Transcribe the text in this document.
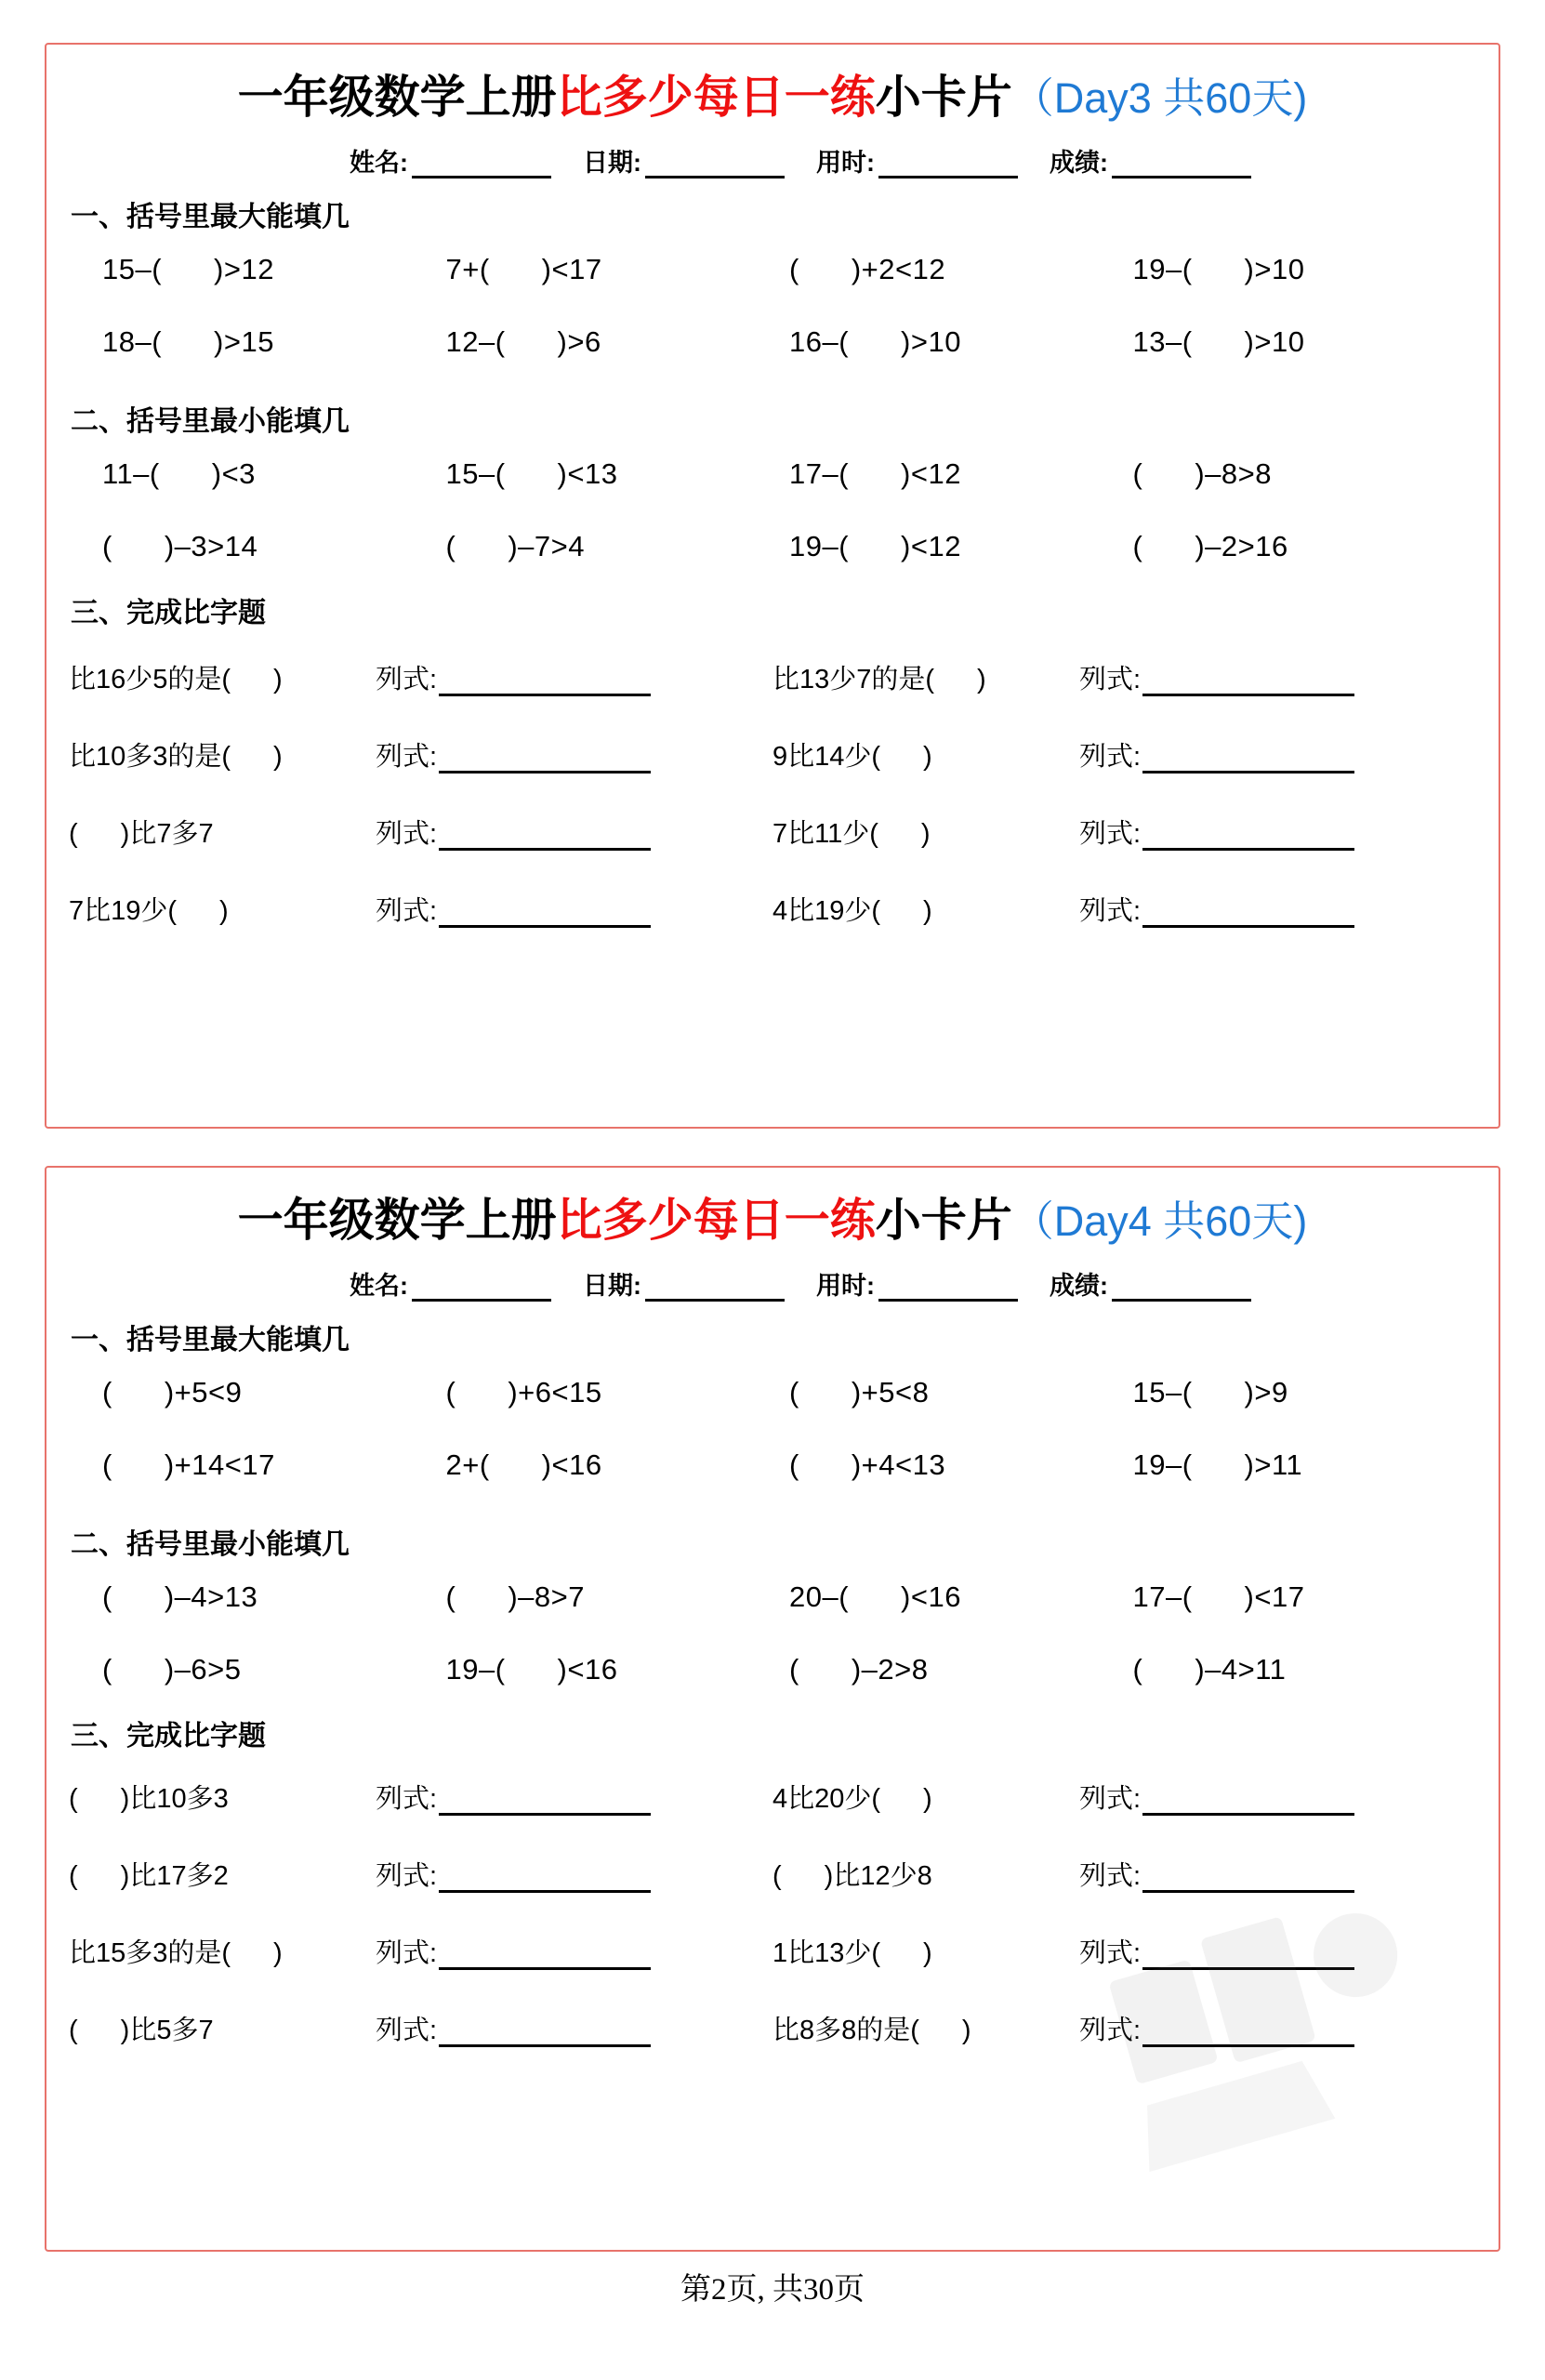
一年级数学上册比多少每日一练小卡片（Day3 共60天)
姓名:	日期:	用时:	成绩:
一、括号里最大能填几
15–( )>12	7+( )<17	( )+2<12	19–( )>10
18–( )>15	12–( )>6	16–( )>10	13–( )>10
二、括号里最小能填几
11–( )<3	15–( )<13	17–( )<12	( )–8>8
( )–3>14	( )–7>4	19–( )<12	( )–2>16
三、完成比字题
比16少5的是( )	列式:	比13少7的是( )	列式:
比10多3的是( )	列式:	9比14少( )	列式:
( )比7多7	列式:	7比11少( )	列式:
7比19少( )	列式:	4比19少( )	列式:
一年级数学上册比多少每日一练小卡片（Day4 共60天)
姓名:	日期:	用时:	成绩:
一、括号里最大能填几
( )+5<9	( )+6<15	( )+5<8	15–( )>9
( )+14<17	2+( )<16	( )+4<13	19–( )>11
二、括号里最小能填几
( )–4>13	( )–8>7	20–( )<16	17–( )<17
( )–6>5	19–( )<16	( )–2>8	( )–4>11
三、完成比字题
( )比10多3	列式:	4比20少( )	列式:
( )比17多2	列式:	( )比12少8	列式:
比15多3的是( )	列式:	1比13少( )	列式:
( )比5多7	列式:	比8多8的是( )	列式:
第2页, 共30页
